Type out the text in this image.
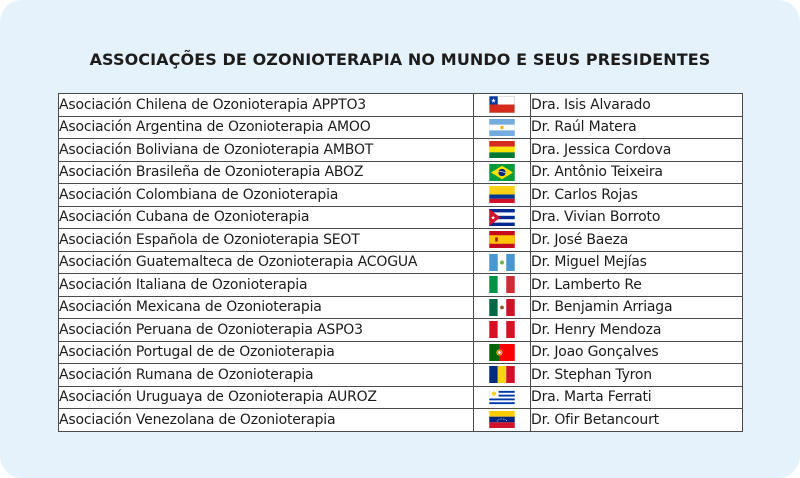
ASSOCIAÇÕES DE OZONIOTERAPIA NO MUNDO E SEUS PRESIDENTES
Asociación Chilena de Ozonioterapia APPTO3		Dra. Isis Alvarado
Asociación Argentina de Ozonioterapia AMOO		Dr. Raúl Matera
Asociación Boliviana de Ozonioterapia AMBOT		Dra. Jessica Cordova
Asociación Brasileña de Ozonioterapia ABOZ		Dr. Antônio Teixeira
Asociación Colombiana de Ozonioterapia		Dr. Carlos Rojas
Asociación Cubana de Ozonioterapia		Dra. Vivian Borroto
Asociación Española de Ozonioterapia SEOT		Dr. José Baeza
Asociación Guatemalteca de Ozonioterapia ACOGUA		Dr. Miguel Mejías
Asociación Italiana de Ozonioterapia		Dr. Lamberto Re
Asociación Mexicana de Ozonioterapia		Dr. Benjamin Arriaga
Asociación Peruana de Ozonioterapia ASPO3		Dr. Henry Mendoza
Asociación Portugal de de Ozonioterapia		Dr. Joao Gonçalves
Asociación Rumana de Ozonioterapia		Dr. Stephan Tyron
Asociación Uruguaya de Ozonioterapia AUROZ		Dra. Marta Ferrati
Asociación Venezolana de Ozonioterapia		Dr. Ofir Betancourt
